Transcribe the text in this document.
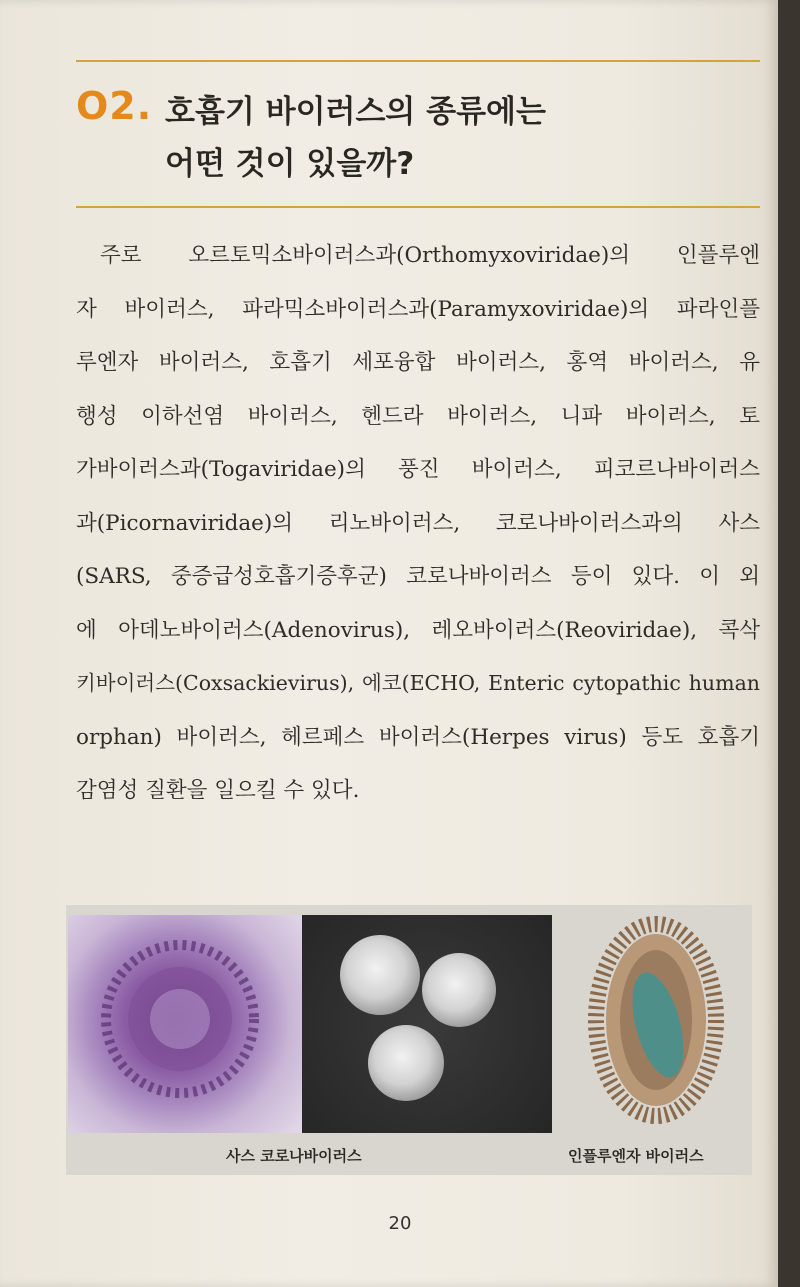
O2. 호흡기 바이러스의 종류에는
어떤 것이 있을까?
주로 오르토믹소바이러스과(Orthomyxoviridae)의 인플루엔
자 바이러스, 파라믹소바이러스과(Paramyxoviridae)의 파라인플
루엔자 바이러스, 호흡기 세포융합 바이러스, 홍역 바이러스, 유
행성 이하선염 바이러스, 헨드라 바이러스, 니파 바이러스, 토
가바이러스과(Togaviridae)의 풍진 바이러스, 피코르나바이러스
과(Picornaviridae)의 리노바이러스, 코로나바이러스과의 사스
(SARS, 중증급성호흡기증후군) 코로나바이러스 등이 있다. 이 외
에 아데노바이러스(Adenovirus), 레오바이러스(Reoviridae), 콕삭
키바이러스(Coxsackievirus), 에코(ECHO, Enteric cytopathic human
orphan) 바이러스, 헤르페스 바이러스(Herpes virus) 등도 호흡기
감염성 질환을 일으킬 수 있다.
사스 코로나바이러스	인플루엔자 바이러스
20
